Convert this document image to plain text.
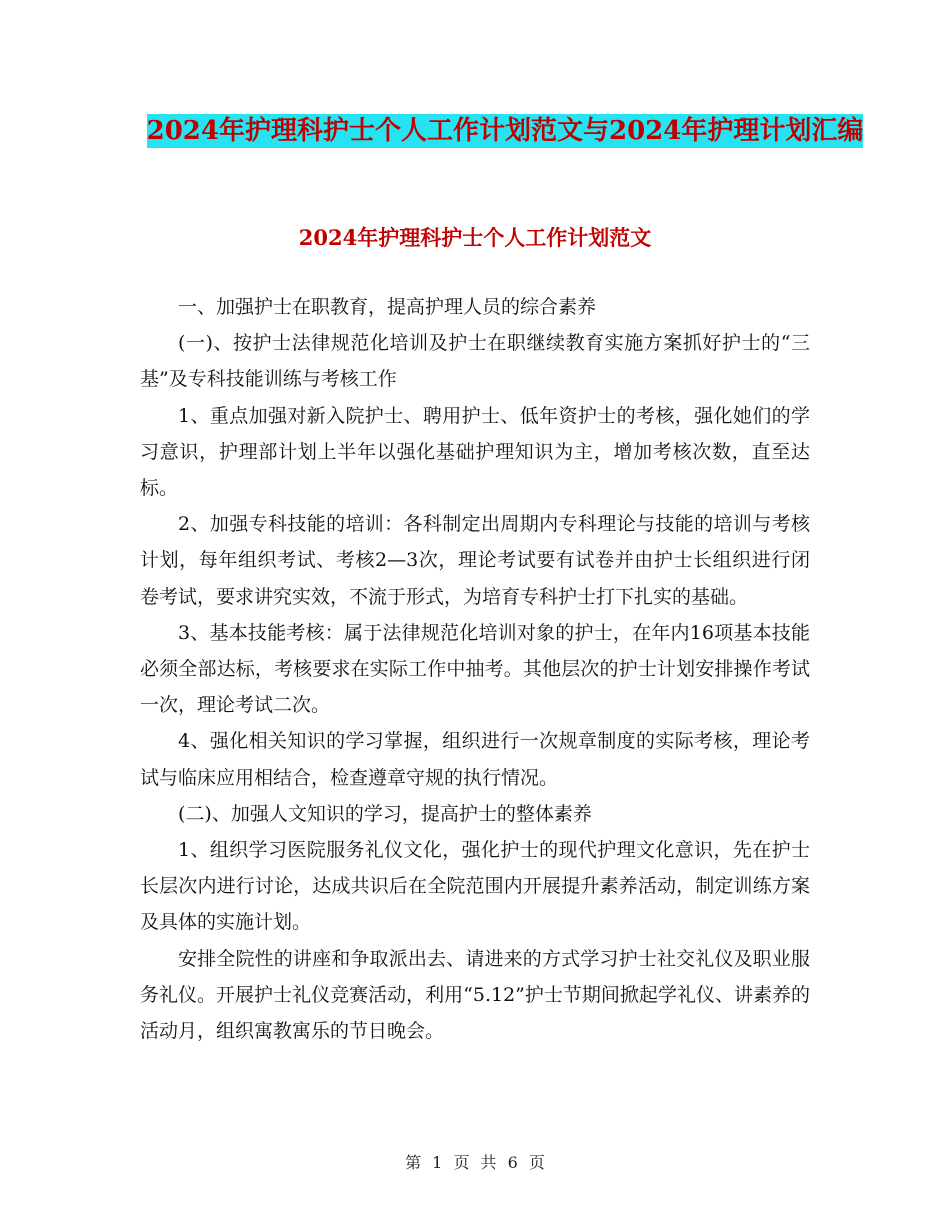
2024年护理科护士个人工作计划范文与2024年护理计划汇编
2024年护理科护士个人工作计划范文

一、加强护士在职教育，提高护理人员的综合素养

(一)、按护士法律规范化培训及护士在职继续教育实施方案抓好护士的“三基”及专科技能训练与考核工作

1、重点加强对新入院护士、聘用护士、低年资护士的考核，强化她们的学习意识，护理部计划上半年以强化基础护理知识为主，增加考核次数，直至达标。

2、加强专科技能的培训：各科制定出周期内专科理论与技能的培训与考核计划，每年组织考试、考核2—3次，理论考试要有试卷并由护士长组织进行闭卷考试，要求讲究实效，不流于形式，为培育专科护士打下扎实的基础。

3、基本技能考核：属于法律规范化培训对象的护士，在年内16项基本技能必须全部达标，考核要求在实际工作中抽考。其他层次的护士计划安排操作考试一次，理论考试二次。

4、强化相关知识的学习掌握，组织进行一次规章制度的实际考核，理论考试与临床应用相结合，检查遵章守规的执行情况。

(二)、加强人文知识的学习，提高护士的整体素养

1、组织学习医院服务礼仪文化，强化护士的现代护理文化意识，先在护士长层次内进行讨论，达成共识后在全院范围内开展提升素养活动，制定训练方案及具体的实施计划。

安排全院性的讲座和争取派出去、请进来的方式学习护士社交礼仪及职业服务礼仪。开展护士礼仪竞赛活动，利用“5.12”护士节期间掀起学礼仪、讲素养的活动月，组织寓教寓乐的节日晚会。

第 1 页 共 6 页
